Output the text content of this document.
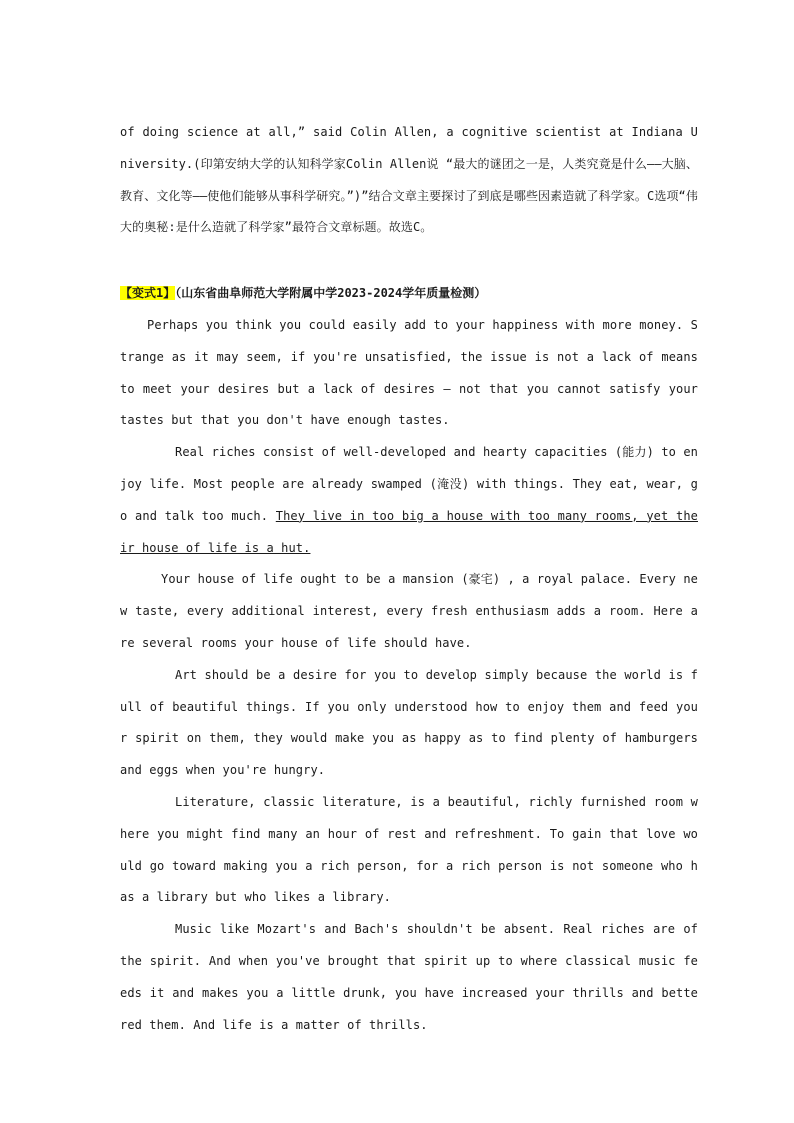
of doing science at all,” said Colin Allen, a cognitive scientist at Indiana University.(印第安纳大学的认知科学家Colin Allen说 “最大的谜团之一是，人类究竟是什么——大脑、教育、文化等——使他们能够从事科学研究。”)”结合文章主要探讨了到底是哪些因素造就了科学家。C选项“伟大的奥秘:是什么造就了科学家”最符合文章标题。故选C。

【变式1】（山东省曲阜师范大学附属中学2023-2024学年质量检测）

Perhaps you think you could easily add to your happiness with more money. Strange as it may seem, if you're unsatisfied, the issue is not a lack of means to meet your desires but a lack of desires — not that you cannot satisfy your tastes but that you don't have enough tastes.

Real riches consist of well-developed and hearty capacities (能力) to enjoy life. Most people are already swamped (淹没) with things. They eat, wear, go and talk too much. They live in too big a house with too many rooms, yet their house of life is a hut.

Your house of life ought to be a mansion (豪宅) , a royal palace. Every new taste, every additional interest, every fresh enthusiasm adds a room. Here are several rooms your house of life should have.

Art should be a desire for you to develop simply because the world is full of beautiful things. If you only understood how to enjoy them and feed your spirit on them, they would make you as happy as to find plenty of hamburgers and eggs when you're hungry.

Literature, classic literature, is a beautiful, richly furnished room where you might find many an hour of rest and refreshment. To gain that love would go toward making you a rich person, for a rich person is not someone who has a library but who likes a library.

Music like Mozart's and Bach's shouldn't be absent. Real riches are of the spirit. And when you've brought that spirit up to where classical music feeds it and makes you a little drunk, you have increased your thrills and bettered them. And life is a matter of thrills.
